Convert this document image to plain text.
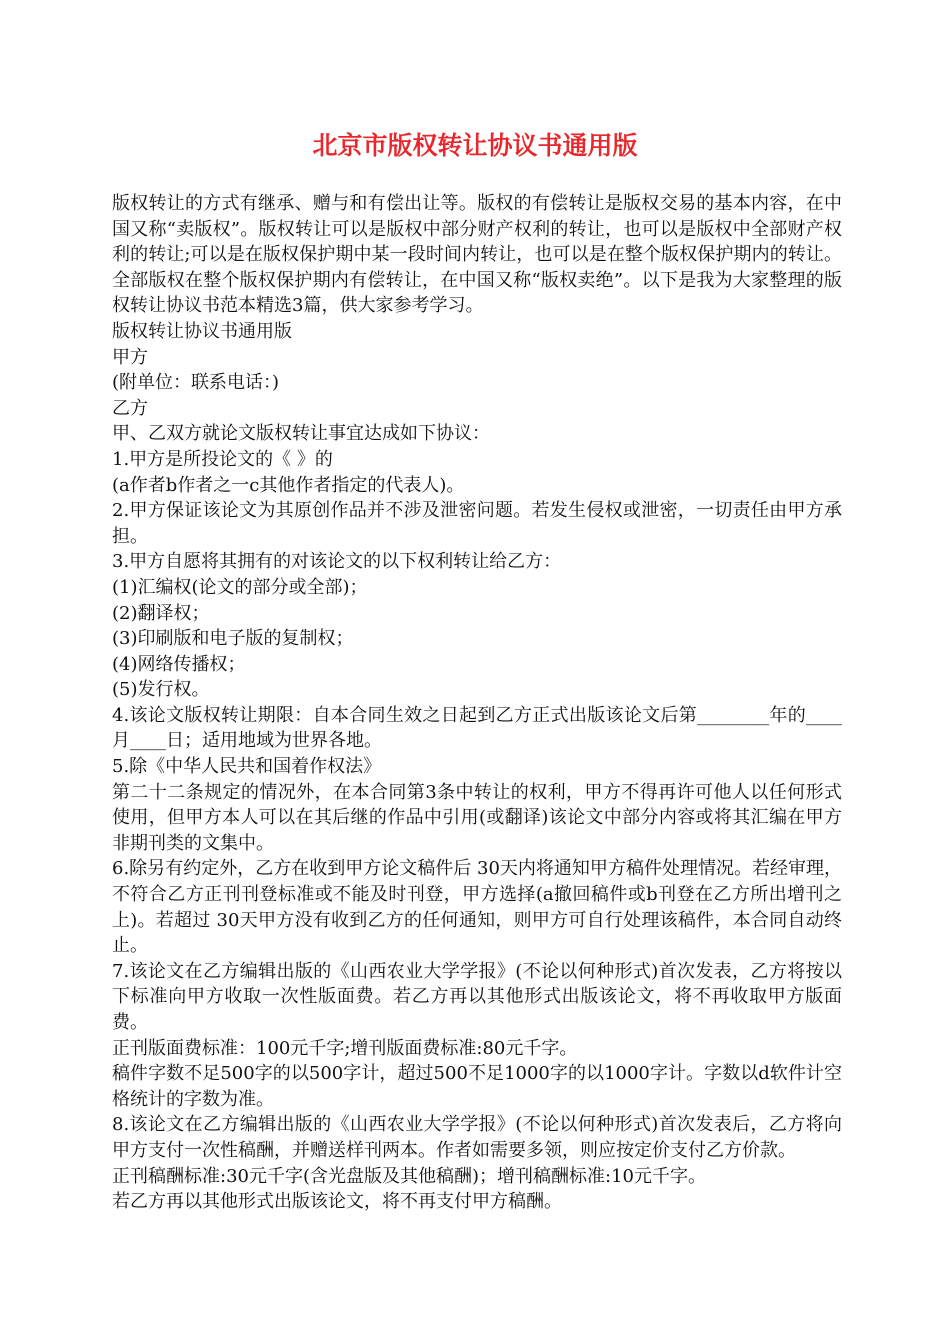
北京市版权转让协议书通用版

版权转让的方式有继承、赠与和有偿出让等。版权的有偿转让是版权交易的基本内容，在中国又称“卖版权”。版权转让可以是版权中部分财产权利的转让，也可以是版权中全部财产权利的转让;可以是在版权保护期中某一段时间内转让，也可以是在整个版权保护期内的转让。全部版权在整个版权保护期内有偿转让，在中国又称“版权卖绝”。以下是我为大家整理的版权转让协议书范本精选3篇，供大家参考学习。

版权转让协议书通用版

甲方

(附单位：联系电话：)

乙方

甲、乙双方就论文版权转让事宜达成如下协议：

1.甲方是所投论文的《 》的

(a作者b作者之一c其他作者指定的代表人)。

2.甲方保证该论文为其原创作品并不涉及泄密问题。若发生侵权或泄密，一切责任由甲方承担。

3.甲方自愿将其拥有的对该论文的以下权利转让给乙方：

(1)汇编权(论文的部分或全部)；

(2)翻译权；

(3)印刷版和电子版的复制权；

(4)网络传播权；

(5)发行权。

4.该论文版权转让期限：自本合同生效之日起到乙方正式出版该论文后第________年的____月____日；适用地域为世界各地。

5.除《中华人民共和国着作权法》

第二十二条规定的情况外，在本合同第3条中转让的权利，甲方不得再许可他人以任何形式使用，但甲方本人可以在其后继的作品中引用(或翻译)该论文中部分内容或将其汇编在甲方非期刊类的文集中。

6.除另有约定外，乙方在收到甲方论文稿件后 30天内将通知甲方稿件处理情况。若经审理，不符合乙方正刊刊登标准或不能及时刊登，甲方选择(a撤回稿件或b刊登在乙方所出增刊之上)。若超过 30天甲方没有收到乙方的任何通知，则甲方可自行处理该稿件，本合同自动终止。

7.该论文在乙方编辑出版的《山西农业大学学报》(不论以何种形式)首次发表，乙方将按以下标准向甲方收取一次性版面费。若乙方再以其他形式出版该论文，将不再收取甲方版面费。

正刊版面费标准：100元千字;增刊版面费标准:80元千字。

稿件字数不足500字的以500字计，超过500不足1000字的以1000字计。字数以d软件计空格统计的字数为准。

8.该论文在乙方编辑出版的《山西农业大学学报》(不论以何种形式)首次发表后，乙方将向甲方支付一次性稿酬，并赠送样刊两本。作者如需要多领，则应按定价支付乙方价款。

正刊稿酬标准:30元千字(含光盘版及其他稿酬)；增刊稿酬标准:10元千字。

若乙方再以其他形式出版该论文，将不再支付甲方稿酬。
